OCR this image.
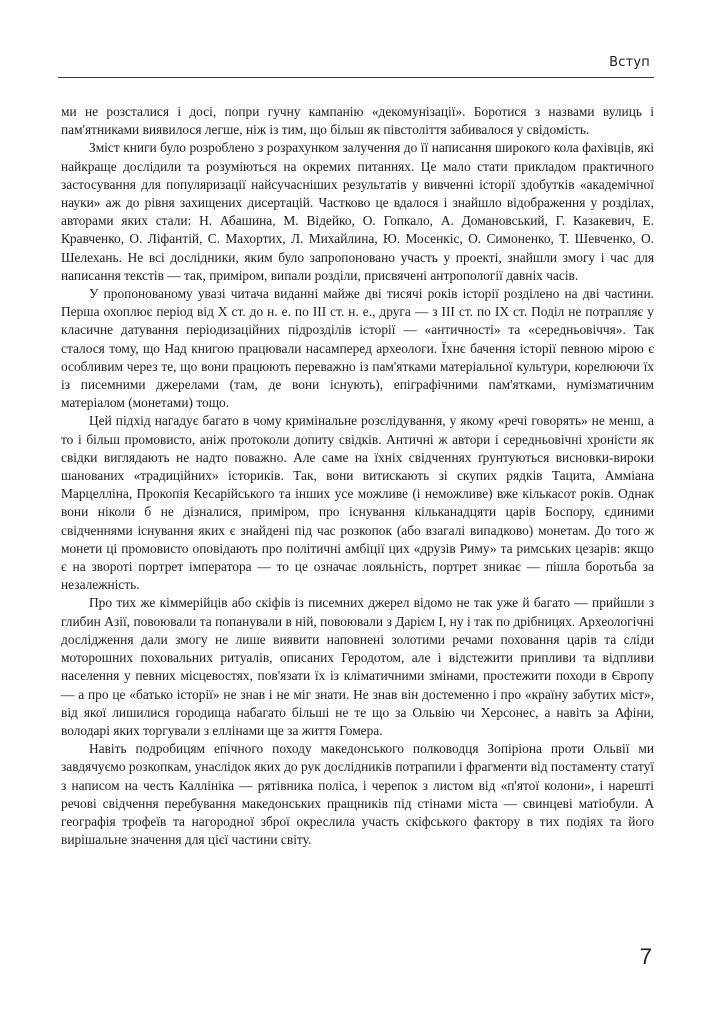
Вступ

ми не розсталися і досі, попри гучну кампанію «декомунізації». Боротися з назвами вулиць і пам'ятниками виявилося легше, ніж із тим, що більш як півстоліття забивалося у свідомість.

Зміст книги було розроблено з розрахунком залучення до її написання широкого кола фахівців, які найкраще дослідили та розуміються на окремих питаннях. Це мало стати прикладом практичного застосування для популяризації найсучасніших результатів у вивченні історії здобутків «академічної науки» аж до рівня захищених дисертацій. Частково це вдалося і знайшло відображення у розділах, авторами яких стали: Н. Абашина, М. Відейко, О. Гопкало, А. Домановський, Г. Казакевич, Е. Кравченко, О. Ліфантій, С. Махортих, Л. Михайлина, Ю. Мосенкіс, О. Симоненко, Т. Шевченко, О. Шелехань. Не всі дослідники, яким було запропоновано участь у проекті, знайшли змогу і час для написання текстів — так, приміром, випали розділи, присвячені антропології давніх часів.

У пропонованому увазі читача виданні майже дві тисячі років історії розділено на дві частини. Перша охоплює період від X ст. до н. е. по III ст. н. е., друга — з III ст. по IX ст. Поділ не потрапляє у класичне датування періодизаційних підрозділів історії — «античності» та «середньовіччя». Так сталося тому, що Над книгою працювали насамперед археологи. Їхнє бачення історії певною мірою є особливим через те, що вони працюють переважно із пам'ятками матеріальної культури, корелюючи їх із писемними джерелами (там, де вони існують), епіграфічними пам'ятками, нумізматичним матеріалом (монетами) тощо.

Цей підхід нагадує багато в чому кримінальне розслідування, у якому «речі говорять» не менш, а то і більш промовисто, аніж протоколи допиту свідків. Античні ж автори і середньовічні хроністи як свідки виглядають не надто поважно. Але саме на їхніх свідченнях ґрунтуються висновки-вироки шанованих «традиційних» істориків. Так, вони витискають зі скупих рядків Тацита, Амміана Марцелліна, Прокопія Кесарійського та інших усе можливе (і неможливе) вже кількасот років. Однак вони ніколи б не дізналися, приміром, про існування кільканадцяти царів Боспору, єдиними свідченнями існування яких є знайдені під час розкопок (або взагалі випадково) монетам. До того ж монети ці промовисто оповідають про політичні амбіції цих «друзів Риму» та римських цезарів: якщо є на звороті портрет імператора — то це означає лояльність, портрет зникає — пішла боротьба за незалежність.

Про тих же кіммерійців або скіфів із писемних джерел відомо не так уже й багато — прийшли з глибин Азії, повоювали та попанували в ній, повоювали з Дарієм I, ну і так по дрібницях. Археологічні дослідження дали змогу не лише виявити наповнені золотими речами поховання царів та сліди моторошних поховальних ритуалів, описаних Геродотом, але і відстежити припливи та відпливи населення у певних місцевостях, пов'язати їх із кліматичними змінами, простежити походи в Європу — а про це «батько історії» не знав і не міг знати. Не знав він достеменно і про «країну забутих міст», від якої лишилися городища набагато більші не те що за Ольвію чи Херсонес, а навіть за Афіни, володарі яких торгували з еллінами ще за життя Гомера.

Навіть подробицям епічного походу македонського полководця Зопіріона проти Ольвії ми завдячуємо розкопкам, унаслідок яких до рук дослідників потрапили і фрагменти від постаменту статуї з написом на честь Каллініка — рятівника поліса, і черепок з листом від «п'ятої колони», і нарешті речові свідчення перебування македонських пращників під стінами міста — свинцеві матіобули. А географія трофеїв та нагородної зброї окреслила участь скіфського фактору в тих подіях та його вирішальне значення для цієї частини світу.

7
